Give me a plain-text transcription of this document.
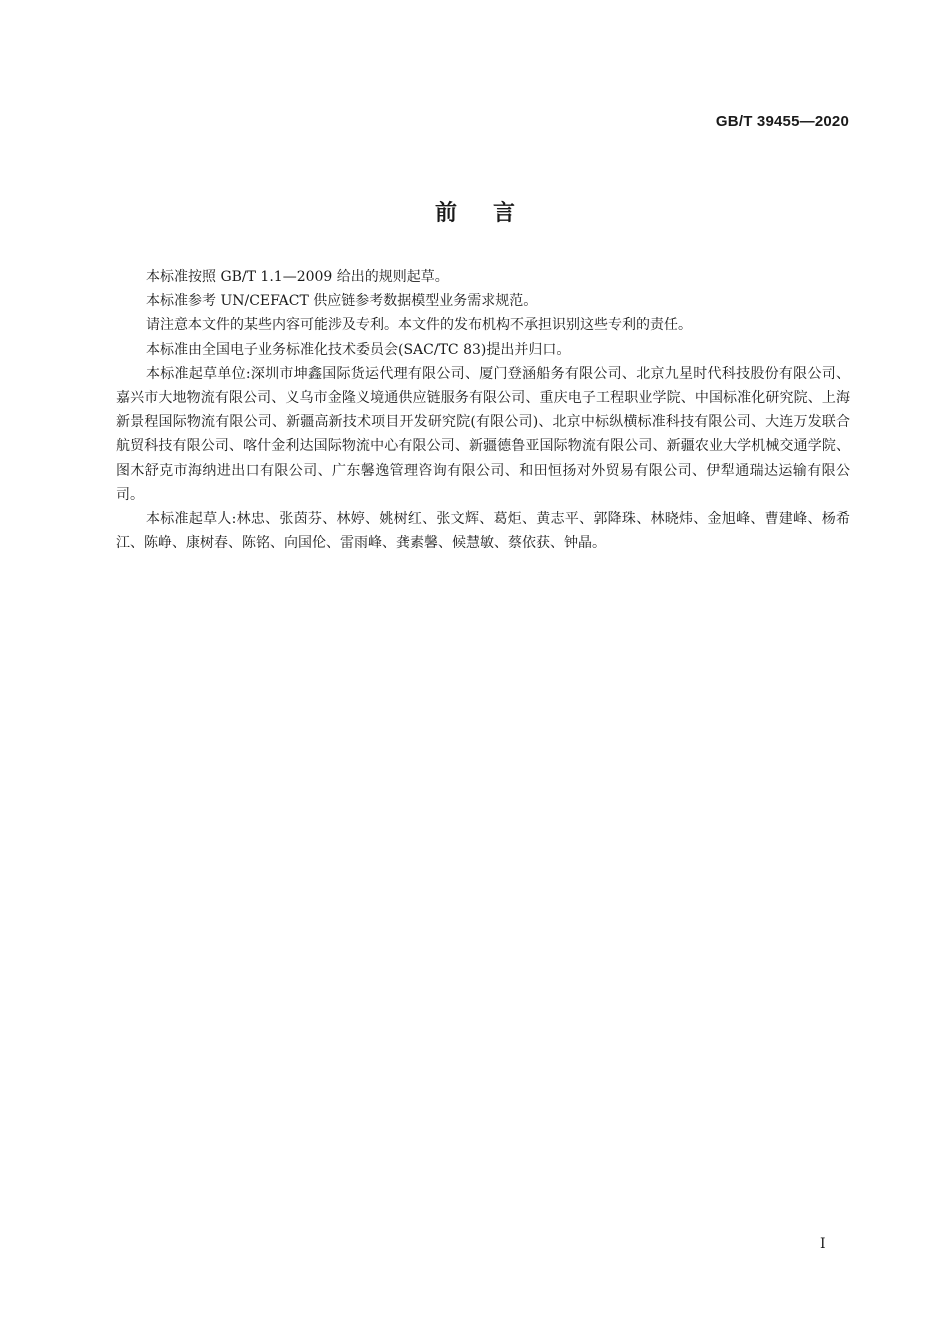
GB/T 39455—2020
前言

本标准按照 GB/T 1.1—2009 给出的规则起草。

本标准参考 UN/CEFACT 供应链参考数据模型业务需求规范。

请注意本文件的某些内容可能涉及专利。本文件的发布机构不承担识别这些专利的责任。

本标准由全国电子业务标准化技术委员会(SAC/TC 83)提出并归口。

本标准起草单位:深圳市坤鑫国际货运代理有限公司、厦门登涵船务有限公司、北京九星时代科技股份有限公司、嘉兴市大地物流有限公司、义乌市金隆义境通供应链服务有限公司、重庆电子工程职业学院、中国标准化研究院、上海新景程国际物流有限公司、新疆高新技术项目开发研究院(有限公司)、北京中标纵横标准科技有限公司、大连万发联合航贸科技有限公司、喀什金利达国际物流中心有限公司、新疆德鲁亚国际物流有限公司、新疆农业大学机械交通学院、图木舒克市海纳进出口有限公司、广东馨逸管理咨询有限公司、和田恒扬对外贸易有限公司、伊犁通瑞达运输有限公司。

本标准起草人:林忠、张茵芬、林婷、姚树红、张文辉、葛炬、黄志平、郭降珠、林晓炜、金旭峰、曹建峰、杨希江、陈峥、康树春、陈铭、向国伦、雷雨峰、龚素馨、候慧敏、蔡依获、钟晶。

I
